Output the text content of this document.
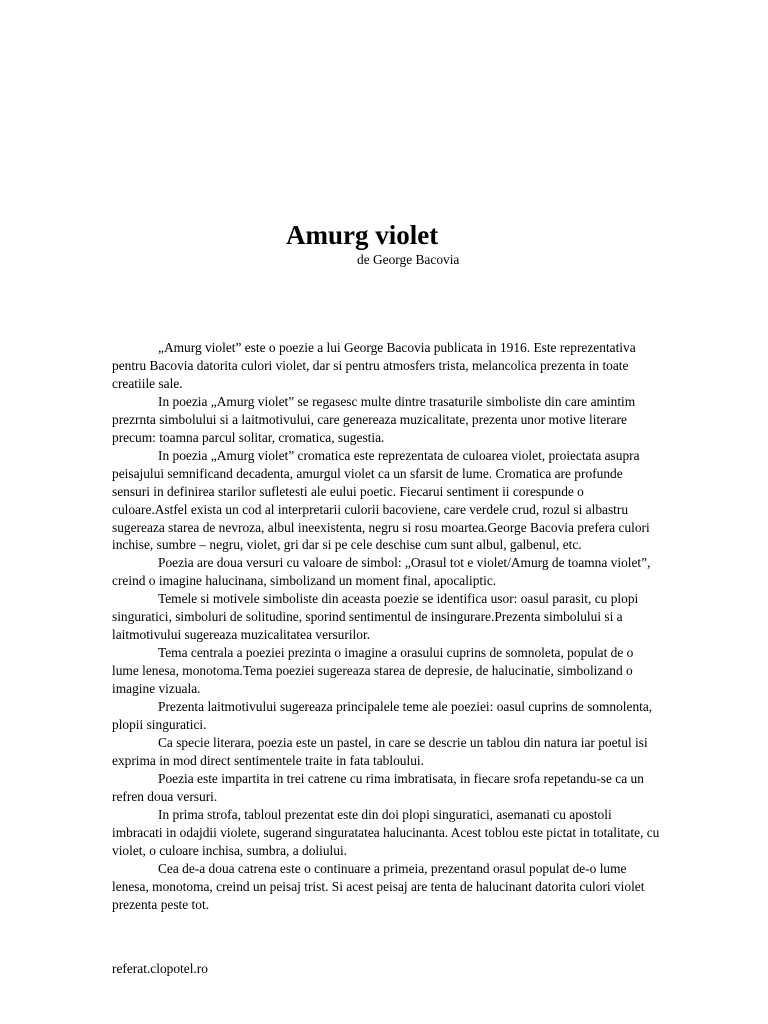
Amurg violet
de George Bacovia

„Amurg violet” este o poezie a lui George Bacovia publicata in 1916. Este reprezentativa pentru Bacovia datorita culori violet, dar si pentru atmosfers trista, melancolica prezenta in toate creatiile sale.

In poezia „Amurg violet” se regasesc multe dintre trasaturile simboliste din care amintim prezrnta simbolului si a laitmotivului, care genereaza muzicalitate, prezenta unor motive literare precum: toamna parcul solitar, cromatica, sugestia.

In poezia „Amurg violet” cromatica este reprezentata de culoarea violet, proiectata asupra peisajului semnificand decadenta, amurgul violet ca un sfarsit de lume. Cromatica are profunde sensuri in definirea starilor sufletesti ale eului poetic. Fiecarui sentiment ii corespunde o culoare.Astfel exista un cod al interpretarii culorii bacoviene, care verdele crud, rozul si albastru sugereaza starea de nevroza, albul ineexistenta, negru si rosu moartea.George Bacovia prefera culori inchise, sumbre – negru, violet, gri dar si pe cele deschise cum sunt albul, galbenul, etc.

Poezia are doua versuri cu valoare de simbol: „Orasul tot e violet/Amurg de toamna violet”, creind o imagine halucinana, simbolizand un moment final, apocaliptic.

Temele si motivele simboliste din aceasta poezie se identifica usor: oasul parasit, cu plopi singuratici, simboluri de solitudine, sporind sentimentul de insingurare.Prezenta simbolului si a laitmotivului sugereaza muzicalitatea versurilor.

Tema centrala a poeziei prezinta o imagine a orasului cuprins de somnoleta, populat de o lume lenesa, monotoma.Tema poeziei sugereaza starea de depresie, de halucinatie, simbolizand o imagine vizuala.

Prezenta laitmotivului sugereaza principalele teme ale poeziei: oasul cuprins de somnolenta, plopii singuratici.

Ca specie literara, poezia este un pastel, in care se descrie un tablou din natura iar poetul isi exprima in mod direct sentimentele traite in fata tabloului.

Poezia este impartita in trei catrene cu rima imbratisata, in fiecare srofa repetandu-se ca un refren doua versuri.

In prima strofa, tabloul prezentat este din doi plopi singuratici, asemanati cu apostoli imbracati in odajdii violete, sugerand singuratatea halucinanta. Acest toblou este pictat in totalitate, cu violet, o culoare inchisa, sumbra, a doliului.

Cea de-a doua catrena este o continuare a primeia, prezentand orasul populat de-o lume lenesa, monotoma, creind un peisaj trist. Si acest peisaj are tenta de halucinant datorita culori violet prezenta peste tot.

referat.clopotel.ro
